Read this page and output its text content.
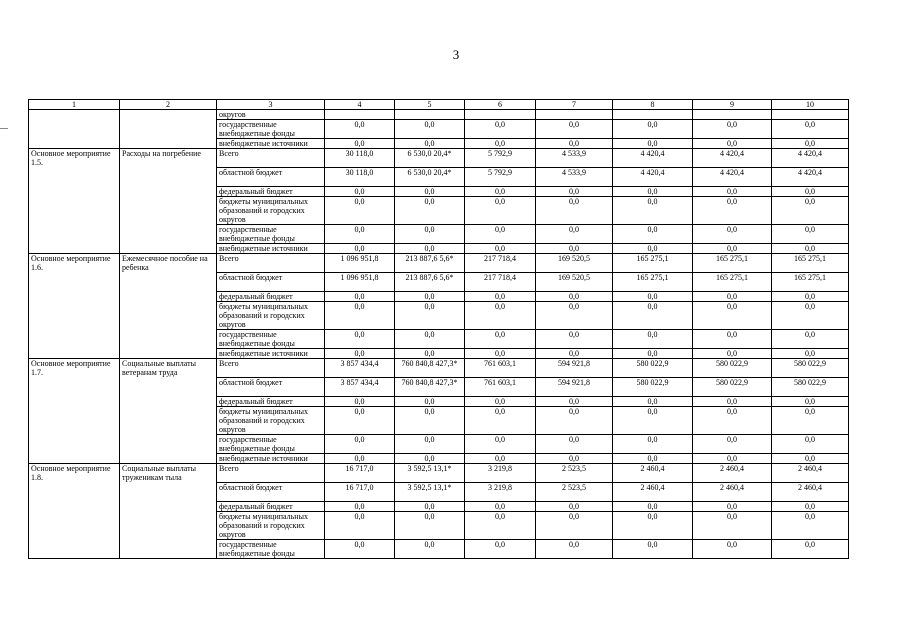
3
1	2	3	4	5	6	7	8	9	10
		округов							
		государственные внебюджетные фонды	0,0	0,0	0,0	0,0	0,0	0,0	0,0
		внебюджетные источники	0,0	0,0	0,0	0,0	0,0	0,0	0,0
Основное мероприятие 1.5.	Расходы на погребение	Всего	30 118,0	6 530,0 20,4*	5 792,9	4 533,9	4 420,4	4 420,4	4 420,4
		областной бюджет	30 118,0	6 530,0 20,4*	5 792,9	4 533,9	4 420,4	4 420,4	4 420,4
		федеральный бюджет	0,0	0,0	0,0	0,0	0,0	0,0	0,0
		бюджеты муниципальных образований и городских округов	0,0	0,0	0,0	0,0	0,0	0,0	0,0
		государственные внебюджетные фонды	0,0	0,0	0,0	0,0	0,0	0,0	0,0
		внебюджетные источники	0,0	0,0	0,0	0,0	0,0	0,0	0,0
Основное мероприятие 1.6.	Ежемесячное пособие на ребенка	Всего	1 096 951,8	213 887,6 5,6*	217 718,4	169 520,5	165 275,1	165 275,1	165 275,1
		областной бюджет	1 096 951,8	213 887,6 5,6*	217 718,4	169 520,5	165 275,1	165 275,1	165 275,1
		федеральный бюджет	0,0	0,0	0,0	0,0	0,0	0,0	0,0
		бюджеты муниципальных образований и городских округов	0,0	0,0	0,0	0,0	0,0	0,0	0,0
		государственные внебюджетные фонды	0,0	0,0	0,0	0,0	0,0	0,0	0,0
		внебюджетные источники	0,0	0,0	0,0	0,0	0,0	0,0	0,0
Основное мероприятие 1.7.	Социальные выплаты ветеранам труда	Всего	3 857 434,4	760 840,8 427,3*	761 603,1	594 921,8	580 022,9	580 022,9	580 022,9
		областной бюджет	3 857 434,4	760 840,8 427,3*	761 603,1	594 921,8	580 022,9	580 022,9	580 022,9
		федеральный бюджет	0,0	0,0	0,0	0,0	0,0	0,0	0,0
		бюджеты муниципальных образований и городских округов	0,0	0,0	0,0	0,0	0,0	0,0	0,0
		государственные внебюджетные фонды	0,0	0,0	0,0	0,0	0,0	0,0	0,0
		внебюджетные источники	0,0	0,0	0,0	0,0	0,0	0,0	0,0
Основное мероприятие 1.8.	Социальные выплаты труженикам тыла	Всего	16 717,0	3 592,5 13,1*	3 219,8	2 523,5	2 460,4	2 460,4	2 460,4
		областной бюджет	16 717,0	3 592,5 13,1*	3 219,8	2 523,5	2 460,4	2 460,4	2 460,4
		федеральный бюджет	0,0	0,0	0,0	0,0	0,0	0,0	0,0
		бюджеты муниципальных образований и городских округов	0,0	0,0	0,0	0,0	0,0	0,0	0,0
		государственные внебюджетные фонды	0,0	0,0	0,0	0,0	0,0	0,0	0,0
